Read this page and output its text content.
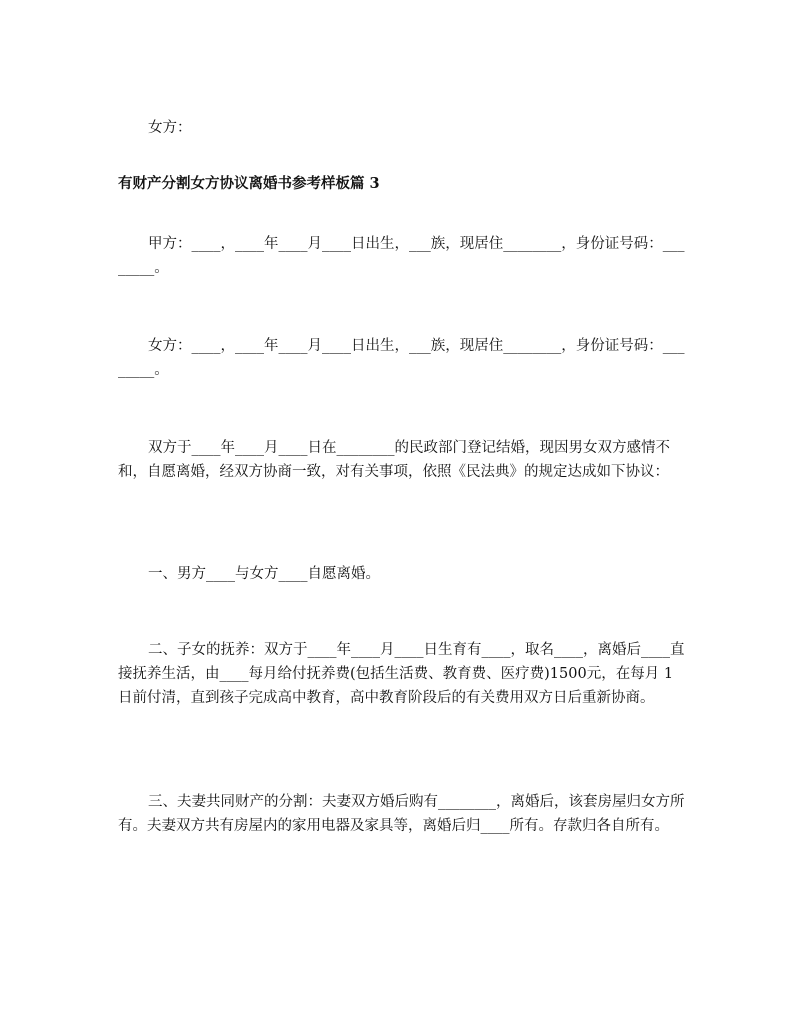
女方：
有财产分割女方协议离婚书参考样板篇 3
甲方：____，____年____月____日出生，___族，现居住________，身份证号码：________。
女方：____，____年____月____日出生，___族，现居住________，身份证号码：________。
双方于____年____月____日在________的民政部门登记结婚，现因男女双方感情不和，自愿离婚，经双方协商一致，对有关事项，依照《民法典》的规定达成如下协议：
一、男方____与女方____自愿离婚。
二、子女的抚养：双方于____年____月____日生育有____，取名____，离婚后____直接抚养生活，由____每月给付抚养费(包括生活费、教育费、医疗费)1500元，在每月 1 日前付清，直到孩子完成高中教育，高中教育阶段后的有关费用双方日后重新协商。
三、夫妻共同财产的分割：夫妻双方婚后购有________，离婚后，该套房屋归女方所有。夫妻双方共有房屋内的家用电器及家具等，离婚后归____所有。存款归各自所有。
